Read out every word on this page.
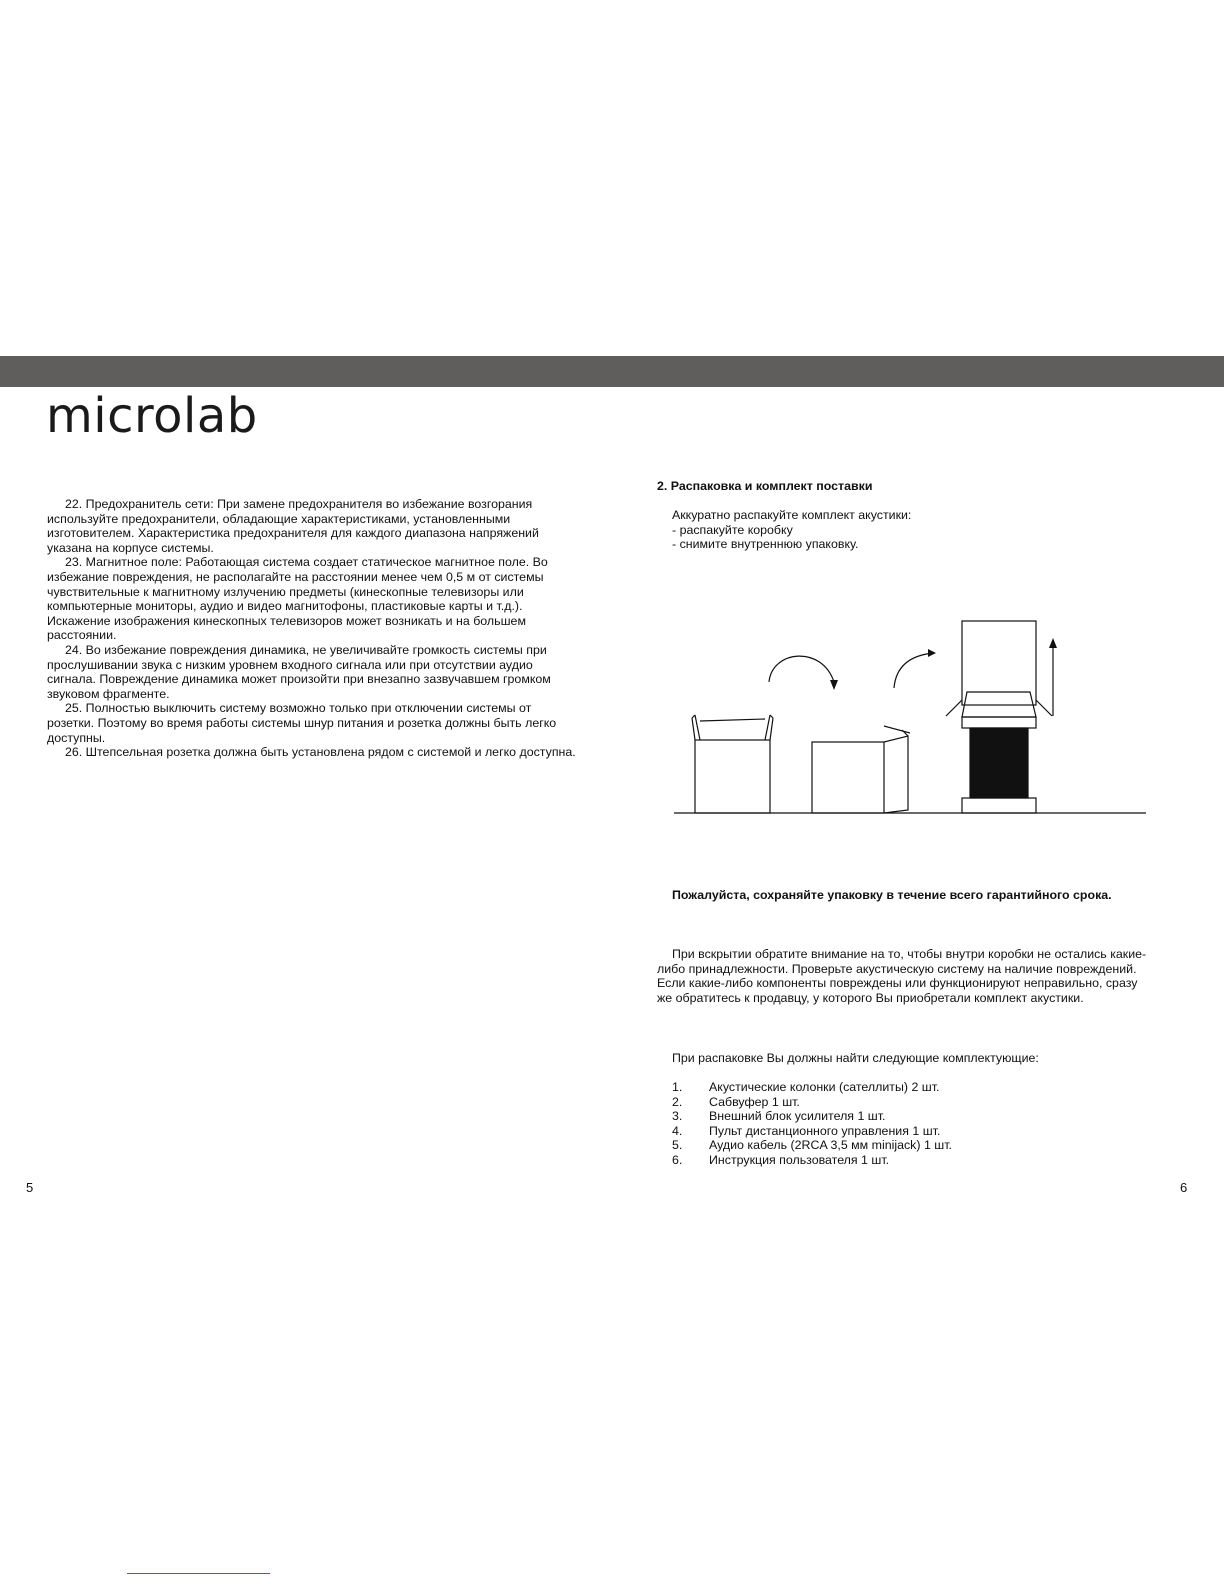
microlab

22. Предохранитель сети: При замене предохранителя во избежание возгорания используйте предохранители, обладающие характеристиками, установленными изготовителем. Характеристика предохранителя для каждого диапазона напряжений указана на корпусе системы.

23. Магнитное поле: Работающая система создает статическое магнитное поле. Во избежание повреждения, не располагайте на расстоянии менее чем 0,5 м от системы чувствительные к магнитному излучению предметы (кинескопные телевизоры или компьютерные мониторы, аудио и видео магнитофоны, пластиковые карты и т.д.). Искажение изображения кинескопных телевизоров может возникать и на большем расстоянии.

24. Во избежание повреждения динамика, не увеличивайте громкость системы при прослушивании звука с низким уровнем входного сигнала или при отсутствии аудио сигнала. Повреждение динамика может произойти при внезапно зазвучавшем громком звуковом фрагменте.

25. Полностью выключить систему возможно только при отключении системы от розетки. Поэтому во время работы системы шнур питания и розетка должны быть легко доступны.

26. Штепсельная розетка должна быть установлена рядом с системой и легко доступна.

5
2. Распаковка и комплект поставки
Аккуратно распакуйте комплект акустики:
- распакуйте коробку
- снимите внутреннюю упаковку.
Пожалуйста, сохраняйте упаковку в течение всего гарантийного срока.

При вскрытии обратите внимание на то, чтобы внутри коробки не остались какие-либо принадлежности. Проверьте акустическую систему на наличие повреждений. Если какие-либо компоненты повреждены или функционируют неправильно, сразу же обратитесь к продавцу, у которого Вы приобретали комплект акустики.

При распаковке Вы должны найти следующие комплектующие:
1.	Акустические колонки (сателлиты) 2 шт.
2.	Сабвуфер 1 шт.
3.	Внешний блок усилителя 1 шт.
4.	Пульт дистанционного управления 1 шт.
5.	Аудио кабель (2RCA 3,5 мм minijack) 1 шт.
6.	Инструкция пользователя 1 шт.
6
